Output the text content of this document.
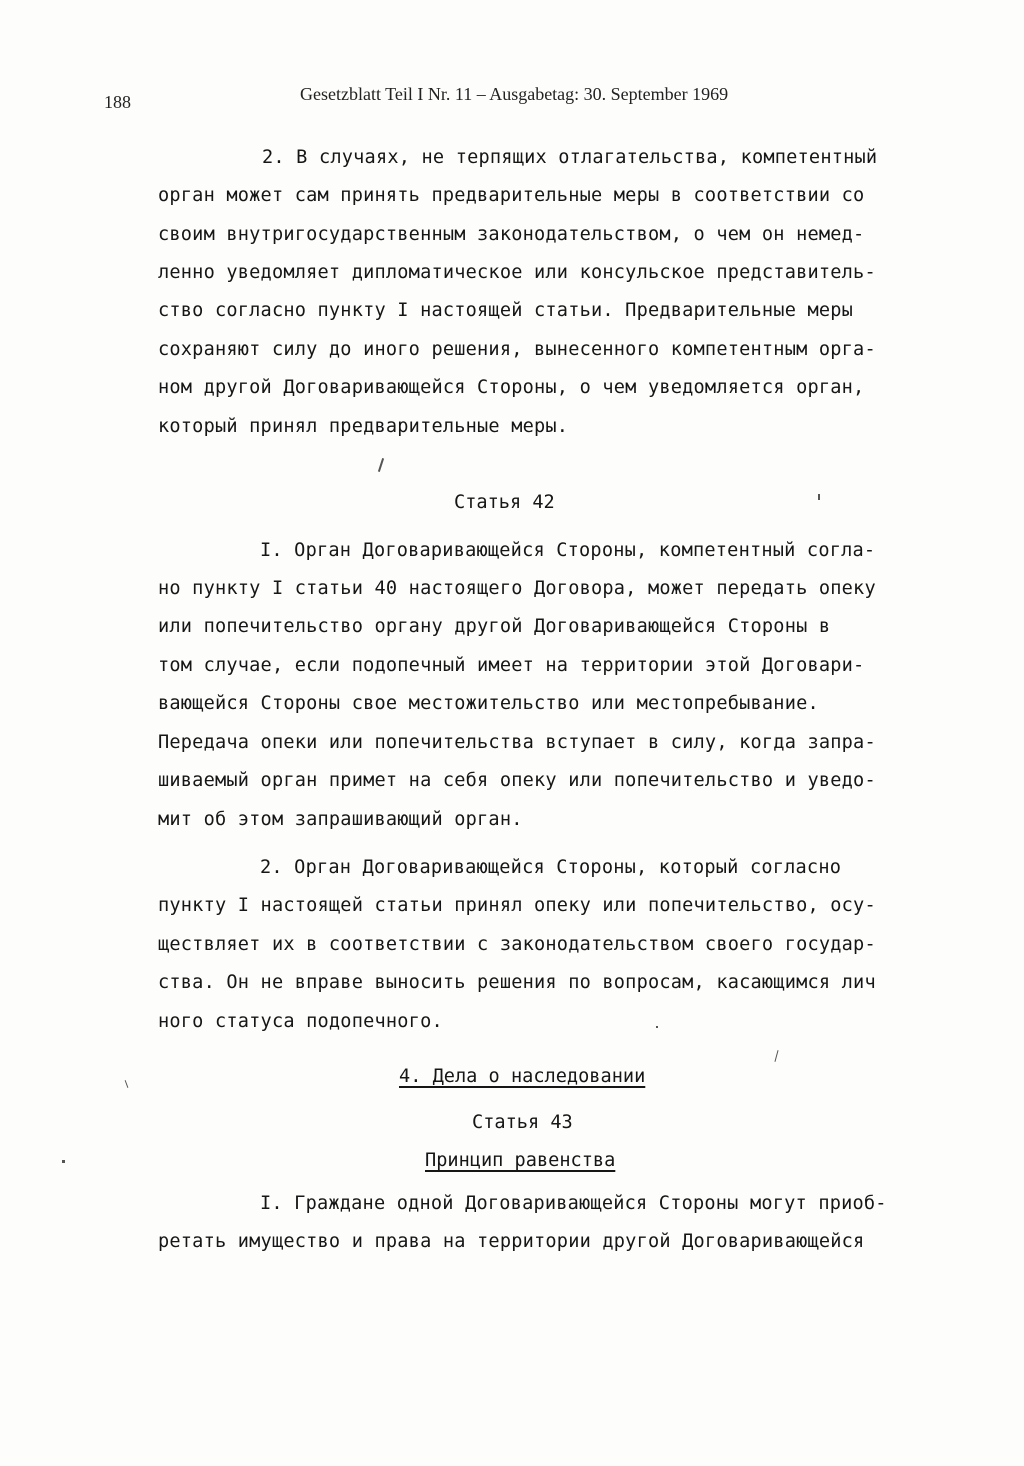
188	Gesetzblatt Teil I Nr. 11 – Ausgabetag: 30. September 1969
2. В случаях, не терпящих отлагательства, компетентный
орган может сам принять предварительные меры в соответствии со
своим внутригосударственным законодательством, о чем он немед-
ленно уведомляет дипломатическое или консульское представитель-
ство согласно пункту I настоящей статьи. Предварительные меры
сохраняют силу до иного решения, вынесенного компетентным орга-
ном другой Договаривающейся Стороны, о чем уведомляется орган,
который принял предварительные меры.
Статья 42
I. Орган Договаривающейся Стороны, компетентный согла-
но пункту I статьи 40 настоящего Договора, может передать опеку
или попечительство органу другой Договаривающейся Стороны в
том случае, если подопечный имеет на территории этой Договари-
вающейся Стороны свое местожительство или местопребывание.
Передача опеки или попечительства вступает в силу, когда запра-
шиваемый орган примет на себя опеку или попечительство и уведо-
мит об этом запрашивающий орган.
2. Орган Договаривающейся Стороны, который согласно
пункту I настоящей статьи принял опеку или попечительство, осу-
ществляет их в соответствии с законодательством своего государ-
ства. Он не вправе выносить решения по вопросам, касающимся лич
ного статуса подопечного.
4. Дела о наследовании
Статья 43
Принцип равенства
I. Граждане одной Договаривающейся Стороны могут приоб-
ретать имущество и права на территории другой Договаривающейся
